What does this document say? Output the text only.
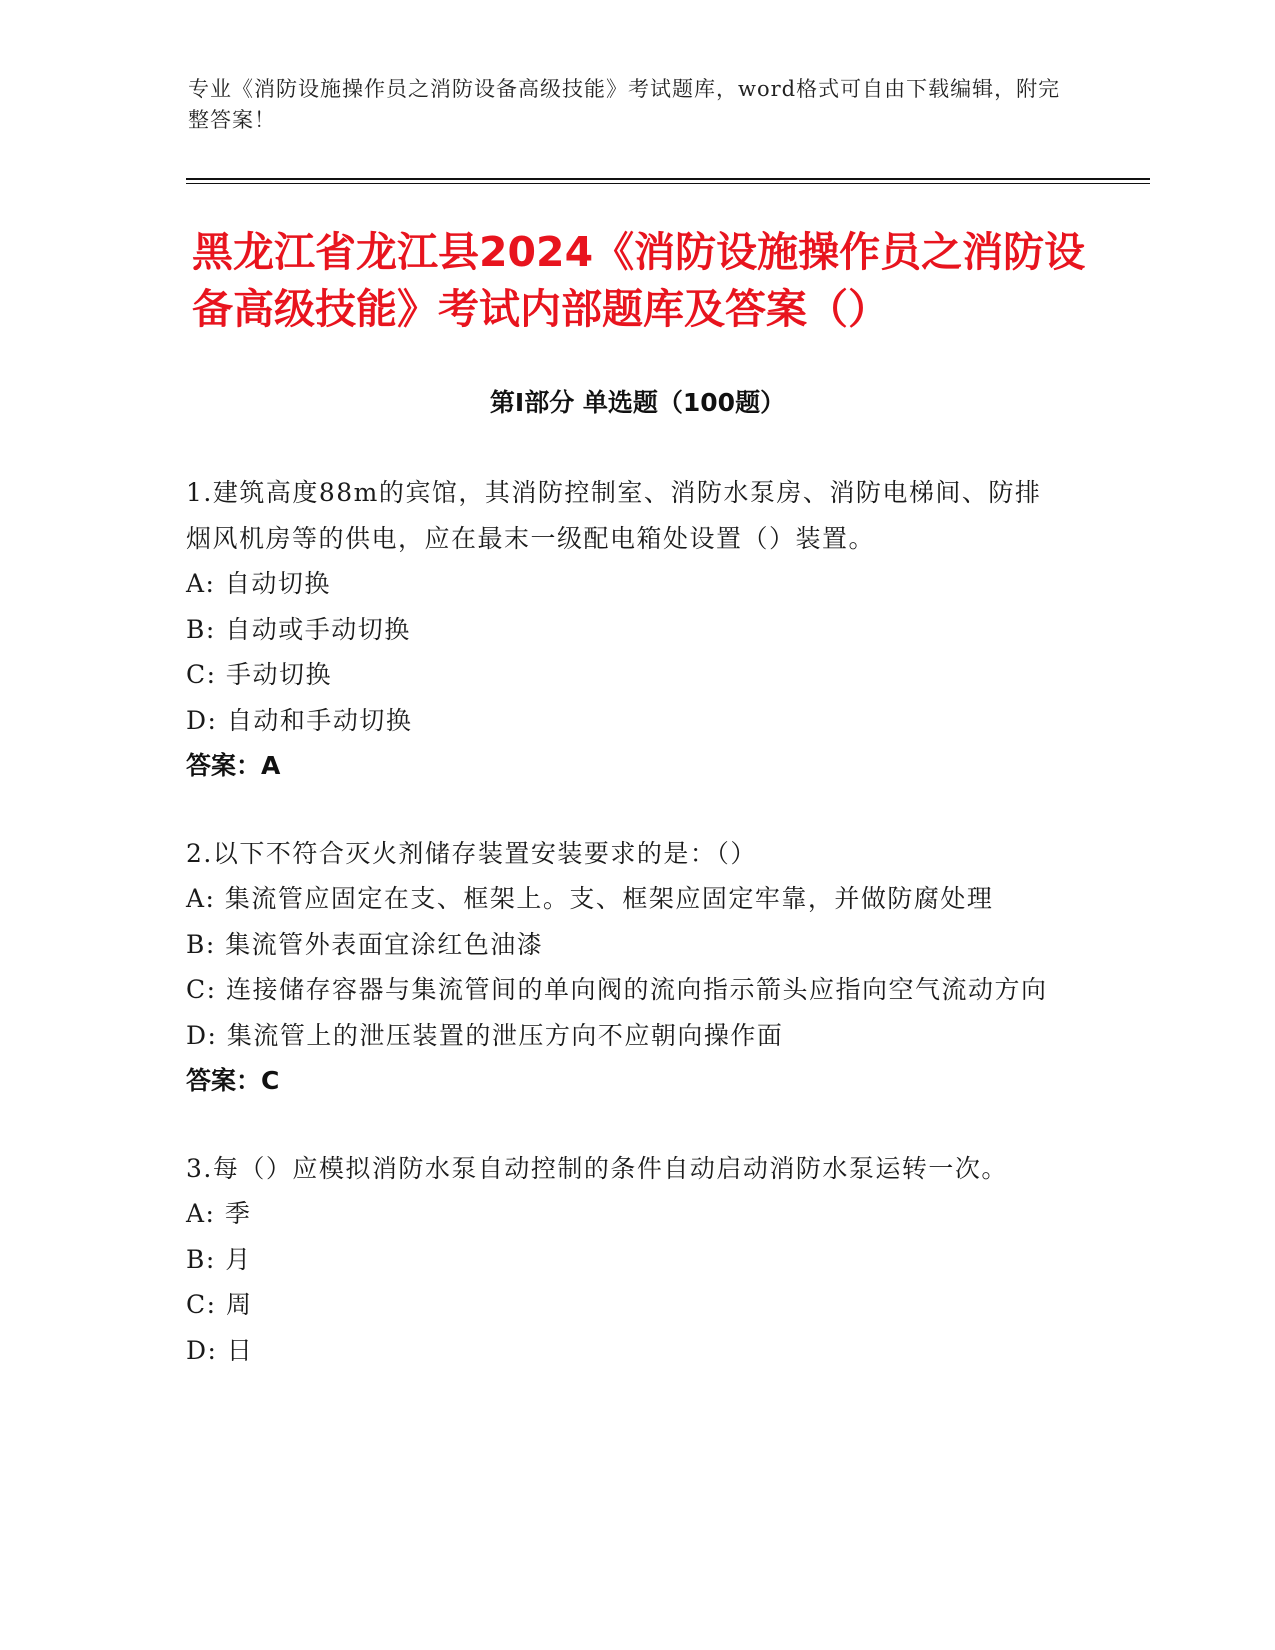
专业《消防设施操作员之消防设备高级技能》考试题库，word格式可自由下载编辑，附完整答案！
黑龙江省龙江县2024《消防设施操作员之消防设备高级技能》考试内部题库及答案（）
第Ⅰ部分 单选题（100题）

1.建筑高度88m的宾馆，其消防控制室、消防水泵房、消防电梯间、防排烟风机房等的供电，应在最末一级配电箱处设置（）装置。

A: 自动切换

B: 自动或手动切换

C: 手动切换

D: 自动和手动切换

答案：A

2.以下不符合灭火剂储存装置安装要求的是：（）

A: 集流管应固定在支、框架上。支、框架应固定牢靠，并做防腐处理

B: 集流管外表面宜涂红色油漆

C: 连接储存容器与集流管间的单向阀的流向指示箭头应指向空气流动方向

D: 集流管上的泄压装置的泄压方向不应朝向操作面

答案：C

3.每（）应模拟消防水泵自动控制的条件自动启动消防水泵运转一次。

A: 季

B: 月

C: 周

D: 日
